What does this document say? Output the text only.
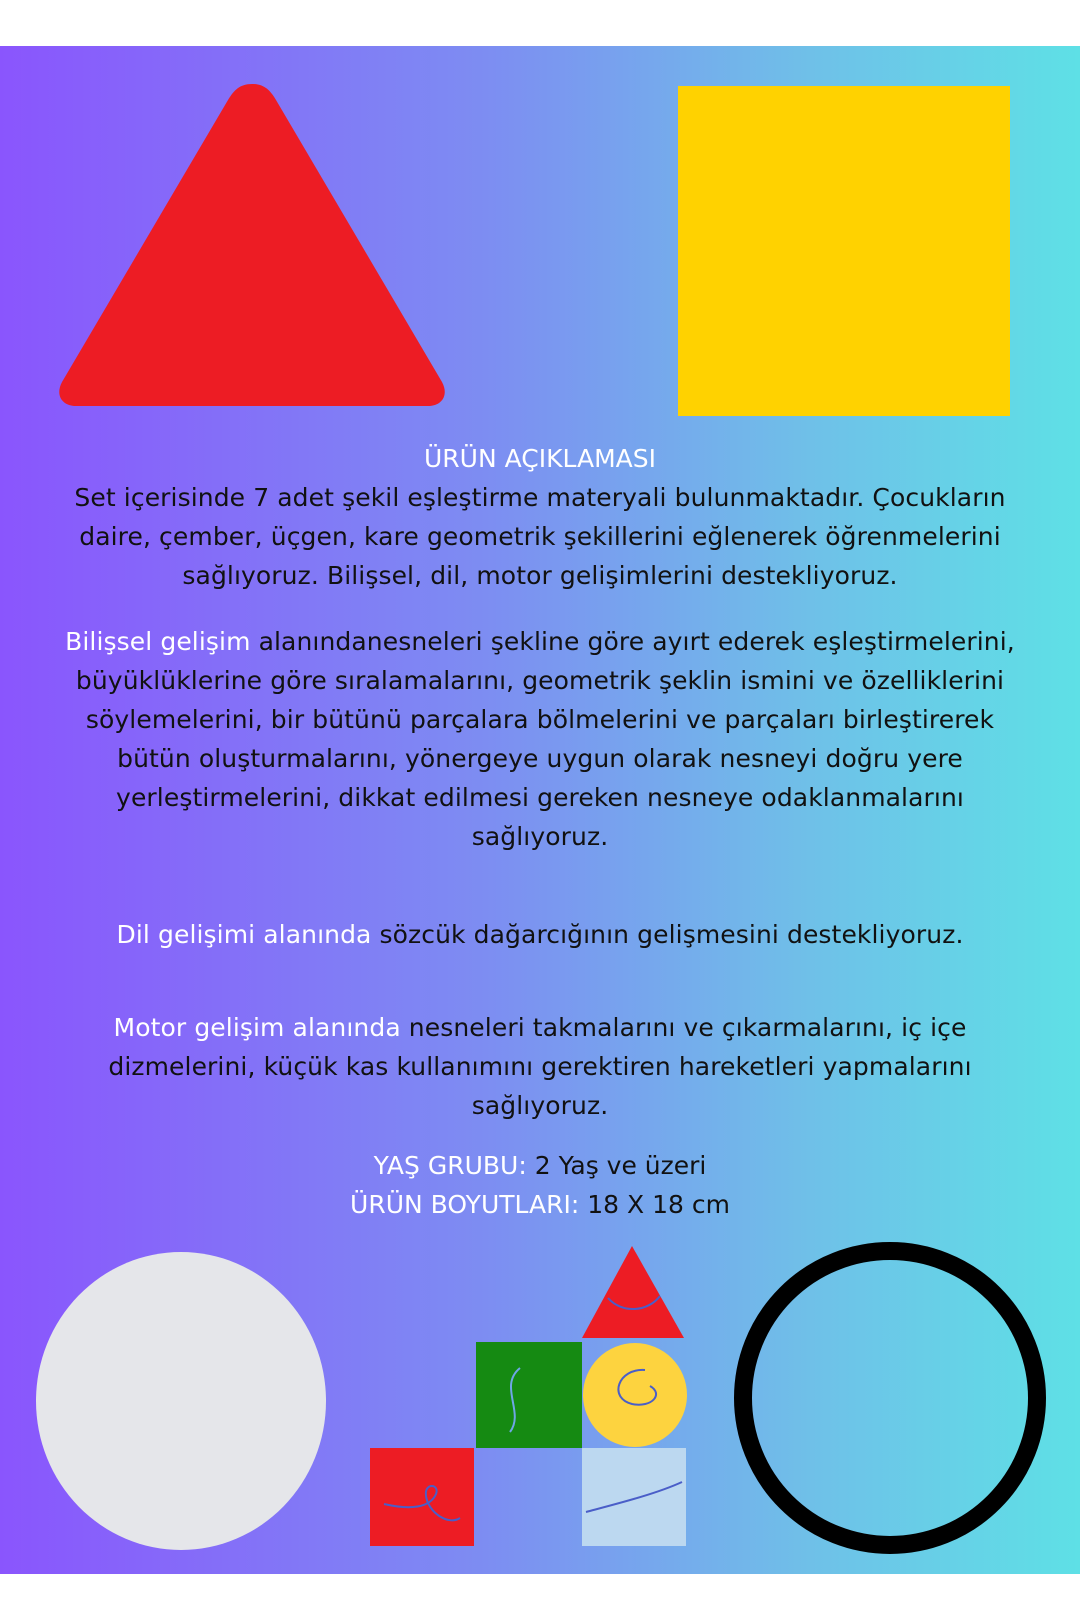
ÜRÜN AÇIKLAMASI
Set içerisinde 7 adet şekil eşleştirme materyali bulunmaktadır. Çocukların
daire, çember, üçgen, kare geometrik şekillerini eğlenerek öğrenmelerini
sağlıyoruz. Bilişsel, dil, motor gelişimlerini destekliyoruz.
Bilişsel gelişim alanındanesneleri şekline göre ayırt ederek eşleştirmelerini,
büyüklüklerine göre sıralamalarını, geometrik şeklin ismini ve özelliklerini
söylemelerini, bir bütünü parçalara bölmelerini ve parçaları birleştirerek
bütün oluşturmalarını, yönergeye uygun olarak nesneyi doğru yere
yerleştirmelerini, dikkat edilmesi gereken nesneye odaklanmalarını
sağlıyoruz.
Dil gelişimi alanında sözcük dağarcığının gelişmesini destekliyoruz.
Motor gelişim alanında nesneleri takmalarını ve çıkarmalarını, iç içe
dizmelerini, küçük kas kullanımını gerektiren hareketleri yapmalarını
sağlıyoruz.
YAŞ GRUBU: 2 Yaş ve üzeri
ÜRÜN BOYUTLARI: 18 X 18 cm
